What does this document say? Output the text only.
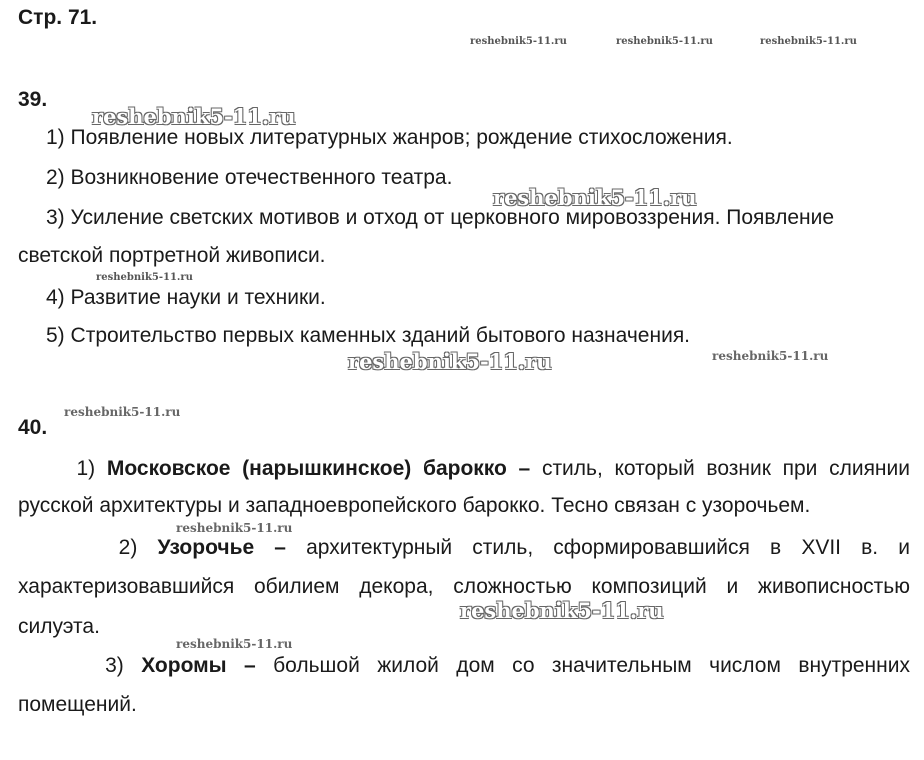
Стр. 71.
39.
1) Появление новых литературных жанров; рождение стихосложения.
2) Возникновение отечественного театра.
3) Усиление светских мотивов и отход от церковного мировоззрения. Появление
светской портретной живописи.
4) Развитие науки и техники.
5) Строительство первых каменных зданий бытового назначения.
40.
1) Московское (нарышкинское) барокко – стиль, который возник при слиянии
русской архитектуры и западноевропейского барокко. Тесно связан с узорочьем.
2) Узорочье – архитектурный стиль, сформировавшийся в XVII в. и
характеризовавшийся обилием декора, сложностью композиций и живописностью
силуэта.
3) Хоромы – большой жилой дом со значительным числом внутренних
помещений.
reshebnik5-11.ru	reshebnik5-11.ru	reshebnik5-11.ru
reshebnik5-11.ru
reshebnik5-11.ru
reshebnik5-11.ru
reshebnik5-11.ru	reshebnik5-11.ru
reshebnik5-11.ru
reshebnik5-11.ru
reshebnik5-11.ru
reshebnik5-11.ru
